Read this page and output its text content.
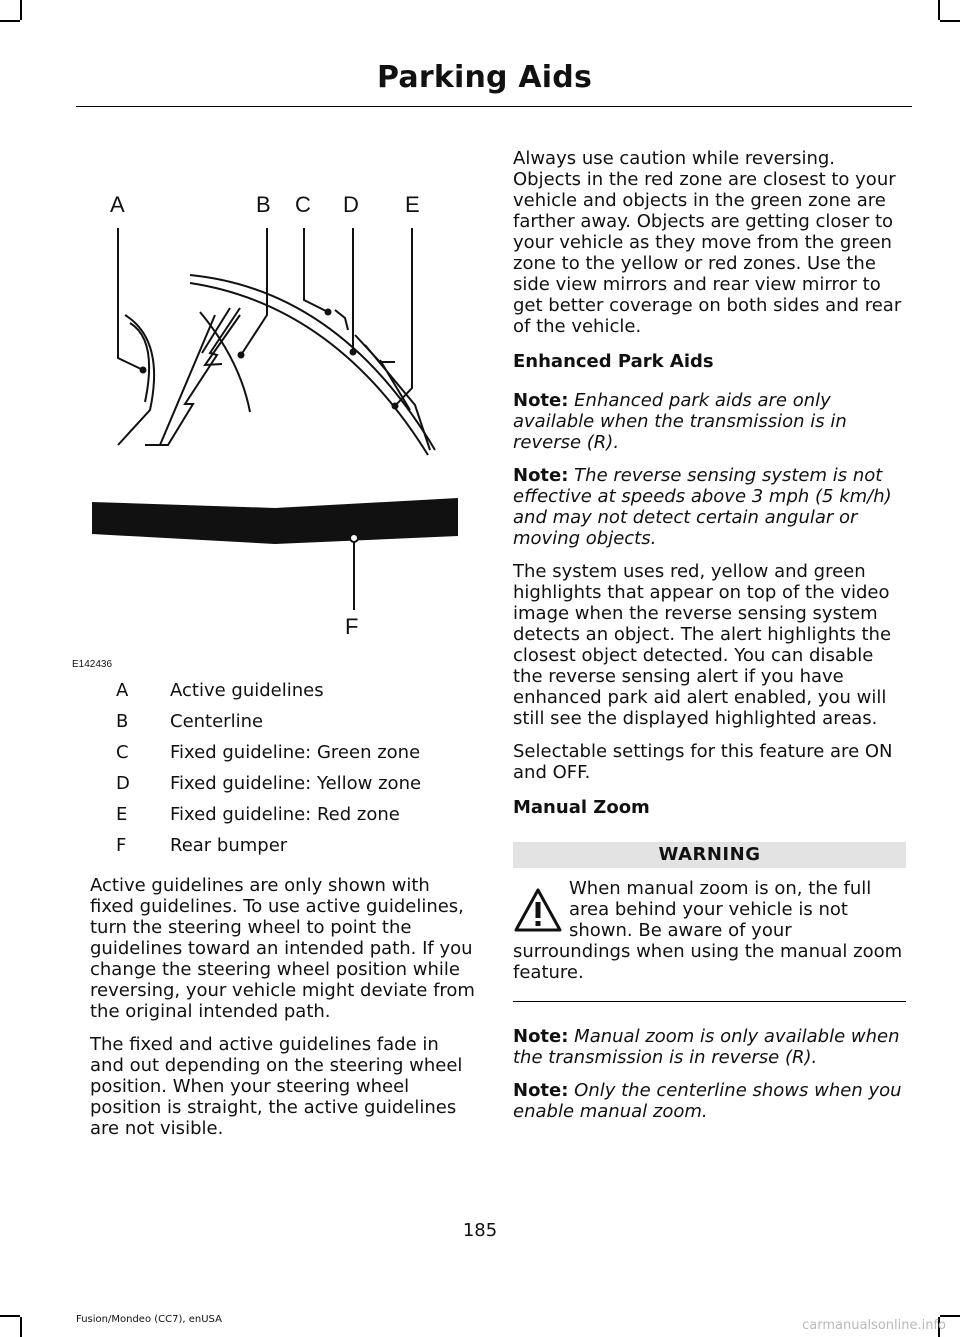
Parking Aids
A	B C D E
F
E142436
A	Active guidelines
B	Centerline
C	Fixed guideline: Green zone
D	Fixed guideline: Yellow zone
E	Fixed guideline: Red zone
F	Rear bumper

Active guidelines are only shown with fixed guidelines. To use active guidelines, turn the steering wheel to point the guidelines toward an intended path. If you change the steering wheel position while reversing, your vehicle might deviate from the original intended path.

The fixed and active guidelines fade in and out depending on the steering wheel position. When your steering wheel position is straight, the active guidelines are not visible.

Always use caution while reversing. Objects in the red zone are closest to your vehicle and objects in the green zone are farther away. Objects are getting closer to your vehicle as they move from the green zone to the yellow or red zones. Use the side view mirrors and rear view mirror to get better coverage on both sides and rear of the vehicle.

Enhanced Park Aids

Note: Enhanced park aids are only available when the transmission is in reverse (R).

Note: The reverse sensing system is not effective at speeds above 3 mph (5 km/h) and may not detect certain angular or moving objects.

The system uses red, yellow and green highlights that appear on top of the video image when the reverse sensing system detects an object. The alert highlights the closest object detected. You can disable the reverse sensing alert if you have enhanced park aid alert enabled, you will still see the displayed highlighted areas.

Selectable settings for this feature are ON and OFF.

Manual Zoom
WARNING
When manual zoom is on, the full area behind your vehicle is not shown. Be aware of your surroundings when using the manual zoom feature.

Note: Manual zoom is only available when the transmission is in reverse (R).

Note: Only the centerline shows when you enable manual zoom.

185
Fusion/Mondeo (CC7), enUSA	carmanualsonline.info
